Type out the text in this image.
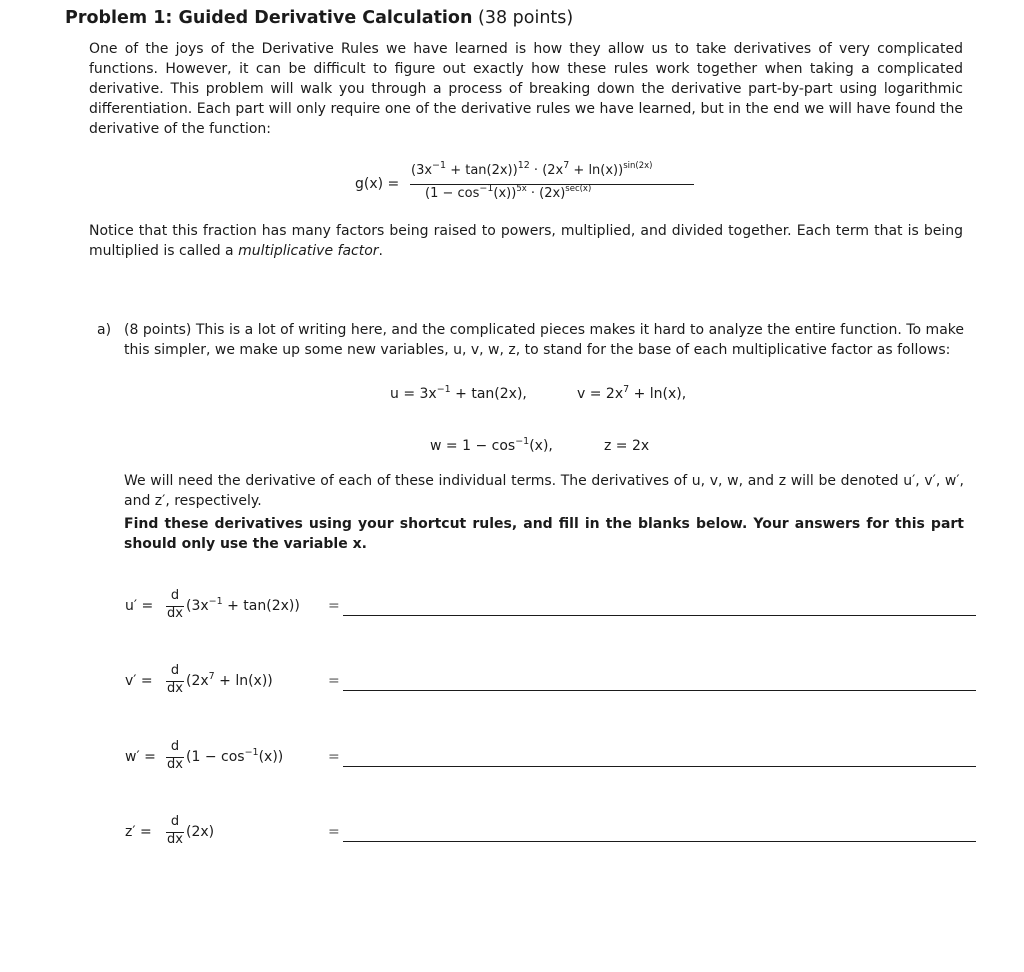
Problem 1: Guided Derivative Calculation (38 points)
One of the joys of the Derivative Rules we have learned is how they allow us to take derivatives of very complicated functions. However, it can be difficult to figure out exactly how these rules work together when taking a complicated derivative. This problem will walk you through a process of breaking down the derivative part-by-part using logarithmic differentiation. Each part will only require one of the derivative rules we have learned, but in the end we will have found the derivative of the function:
g(x) =
$(3x^{-1} + \tan(2x))^{12} \cdot (2x^7 + \ln(x))^{sin(2x)}$
$(1 - \cos^{-1}(x))^{5x} \cdot (2x)^{sec(x)}$
Notice that this fraction has many factors being raised to powers, multiplied, and divided together. Each term that is being multiplied is called a multiplicative factor.
a) (8 points) This is a lot of writing here, and the complicated pieces makes it hard to analyze the entire function. To make this simpler, we make up some new variables, u, v, w, z, to stand for the base of each multiplicative factor as follows:
$u = 3x^{-1} + \tan(2x)$,	$v = 2x^7 + \ln(x)$,
$w = 1 - \cos^{-1}(x)$,	z = 2x
We will need the derivative of each of these individual terms. The derivatives of u, v, w, and z will be denoted u′, v′, w′, and z′, respectively.
Find these derivatives using your shortcut rules, and fill in the blanks below. Your answers for this part should only use the variable x.
u′ =
d
dx $(3x^{-1} + \tan(2x))$ =
v′ =
d
dx $(2x^7 + \ln(x))$	=
w′ =
d
dx $(1 - \cos^{-1}(x))$	=
z′ =
d
dx (2x)	=
